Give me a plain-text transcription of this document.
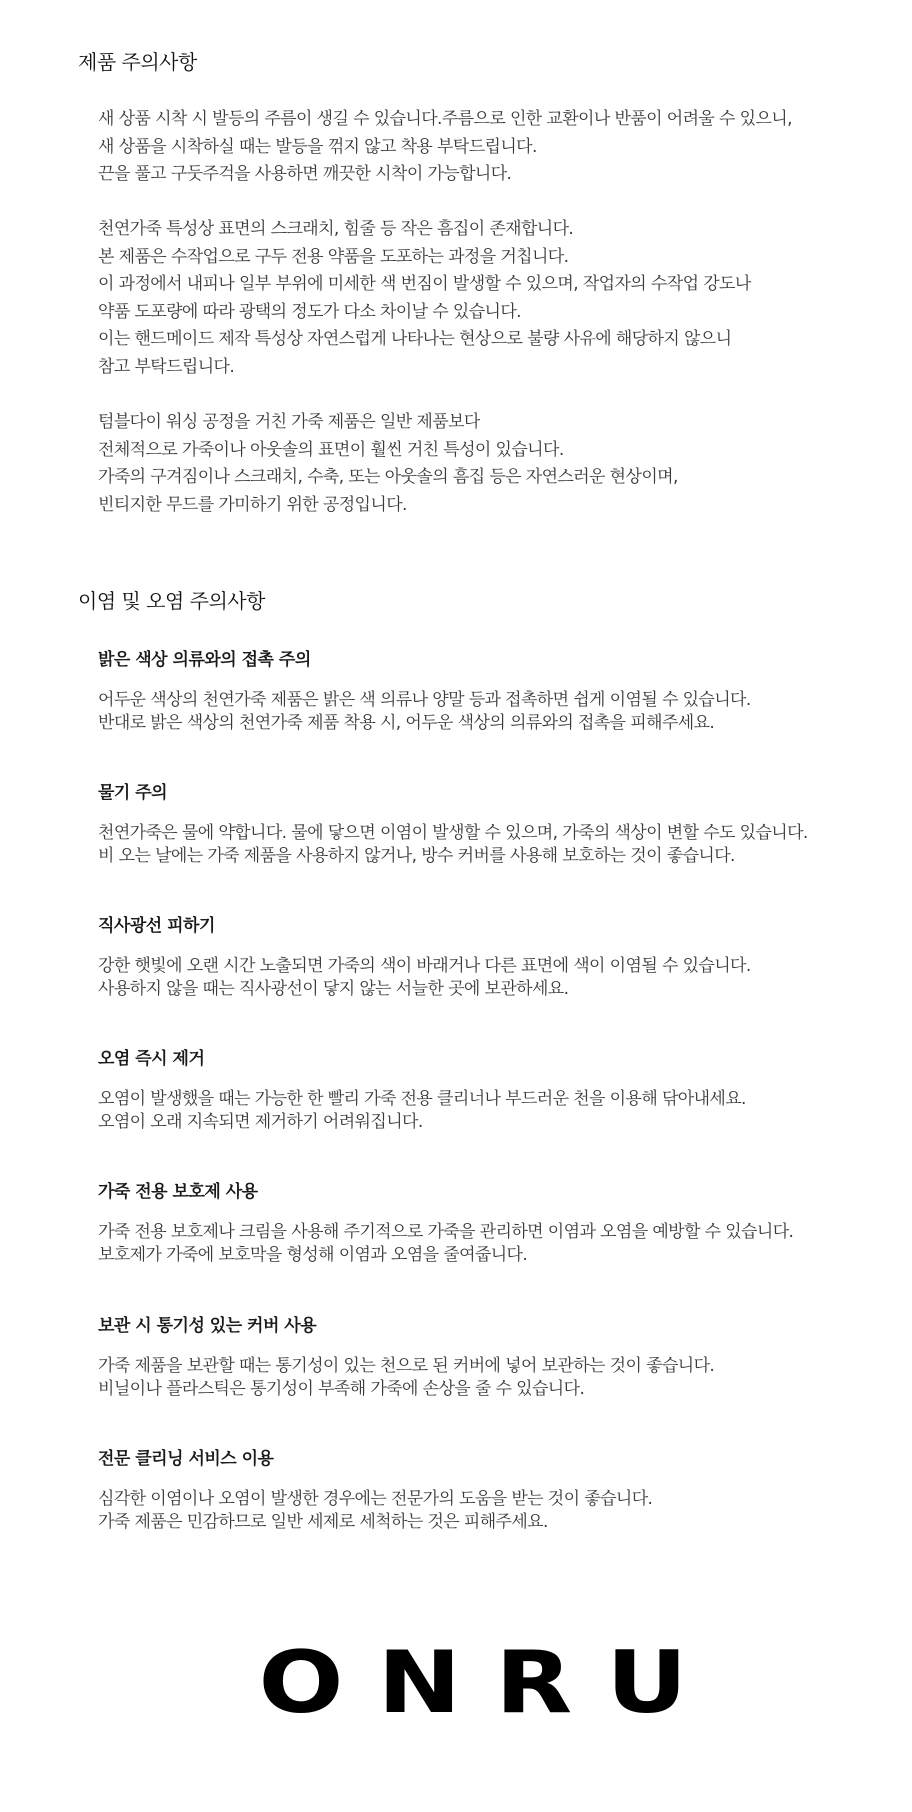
제품 주의사항

새 상품 시착 시 발등의 주름이 생길 수 있습니다.주름으로 인한 교환이나 반품이 어려울 수 있으니,
새 상품을 시착하실 때는 발등을 꺾지 않고 착용 부탁드립니다.
끈을 풀고 구둣주걱을 사용하면 깨끗한 시착이 가능합니다.

천연가죽 특성상 표면의 스크래치, 힘줄 등 작은 흠집이 존재합니다.
본 제품은 수작업으로 구두 전용 약품을 도포하는 과정을 거칩니다.
이 과정에서 내피나 일부 부위에 미세한 색 번짐이 발생할 수 있으며, 작업자의 수작업 강도나
약품 도포량에 따라 광택의 정도가 다소 차이날 수 있습니다.
이는 핸드메이드 제작 특성상 자연스럽게 나타나는 현상으로 불량 사유에 해당하지 않으니
참고 부탁드립니다.

텀블다이 워싱 공정을 거친 가죽 제품은 일반 제품보다
전체적으로 가죽이나 아웃솔의 표면이 훨씬 거친 특성이 있습니다.
가죽의 구겨짐이나 스크래치, 수축, 또는 아웃솔의 흠집 등은 자연스러운 현상이며,
빈티지한 무드를 가미하기 위한 공정입니다.

이염 및 오염 주의사항
밝은 색상 의류와의 접촉 주의

어두운 색상의 천연가죽 제품은 밝은 색 의류나 양말 등과 접촉하면 쉽게 이염될 수 있습니다.
반대로 밝은 색상의 천연가죽 제품 착용 시, 어두운 색상의 의류와의 접촉을 피해주세요.

물기 주의

천연가죽은 물에 약합니다. 물에 닿으면 이염이 발생할 수 있으며, 가죽의 색상이 변할 수도 있습니다.
비 오는 날에는 가죽 제품을 사용하지 않거나, 방수 커버를 사용해 보호하는 것이 좋습니다.

직사광선 피하기

강한 햇빛에 오랜 시간 노출되면 가죽의 색이 바래거나 다른 표면에 색이 이염될 수 있습니다.
사용하지 않을 때는 직사광선이 닿지 않는 서늘한 곳에 보관하세요.

오염 즉시 제거

오염이 발생했을 때는 가능한 한 빨리 가죽 전용 클리너나 부드러운 천을 이용해 닦아내세요.
오염이 오래 지속되면 제거하기 어려워집니다.

가죽 전용 보호제 사용

가죽 전용 보호제나 크림을 사용해 주기적으로 가죽을 관리하면 이염과 오염을 예방할 수 있습니다.
보호제가 가죽에 보호막을 형성해 이염과 오염을 줄여줍니다.

보관 시 통기성 있는 커버 사용

가죽 제품을 보관할 때는 통기성이 있는 천으로 된 커버에 넣어 보관하는 것이 좋습니다.
비닐이나 플라스틱은 통기성이 부족해 가죽에 손상을 줄 수 있습니다.

전문 클리닝 서비스 이용

심각한 이염이나 오염이 발생한 경우에는 전문가의 도움을 받는 것이 좋습니다.
가죽 제품은 민감하므로 일반 세제로 세척하는 것은 피해주세요.

ONRU
